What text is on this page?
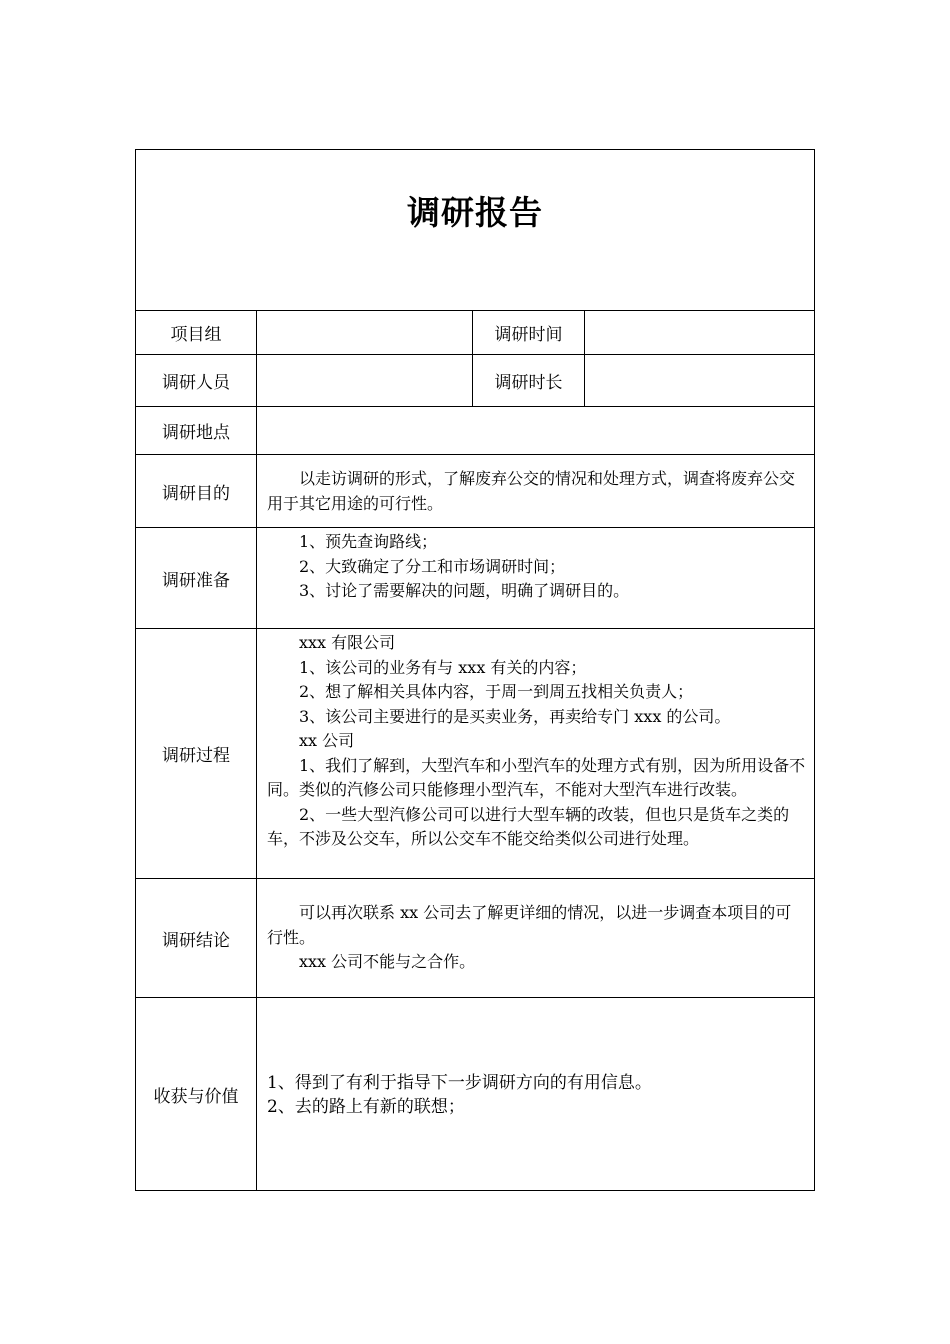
调研报告
项目组	调研时间
调研人员	调研时长
调研地点
调研目的

以走访调研的形式，了解废弃公交的情况和处理方式，调查将废弃公交用于其它用途的可行性。

调研准备

1、预先查询路线；

2、大致确定了分工和市场调研时间；

3、讨论了需要解决的问题，明确了调研目的。

调研过程

xxx 有限公司

1、该公司的业务有与 xxx 有关的内容；

2、想了解相关具体内容，于周一到周五找相关负责人；

3、该公司主要进行的是买卖业务，再卖给专门 xxx 的公司。

xx 公司

1、我们了解到，大型汽车和小型汽车的处理方式有别，因为所用设备不同。类似的汽修公司只能修理小型汽车，不能对大型汽车进行改装。

2、一些大型汽修公司可以进行大型车辆的改装，但也只是货车之类的车，不涉及公交车，所以公交车不能交给类似公司进行处理。

调研结论

可以再次联系 xx 公司去了解更详细的情况，以进一步调查本项目的可行性。

xxx 公司不能与之合作。

收获与价值

1、得到了有利于指导下一步调研方向的有用信息。

2、去的路上有新的联想；
